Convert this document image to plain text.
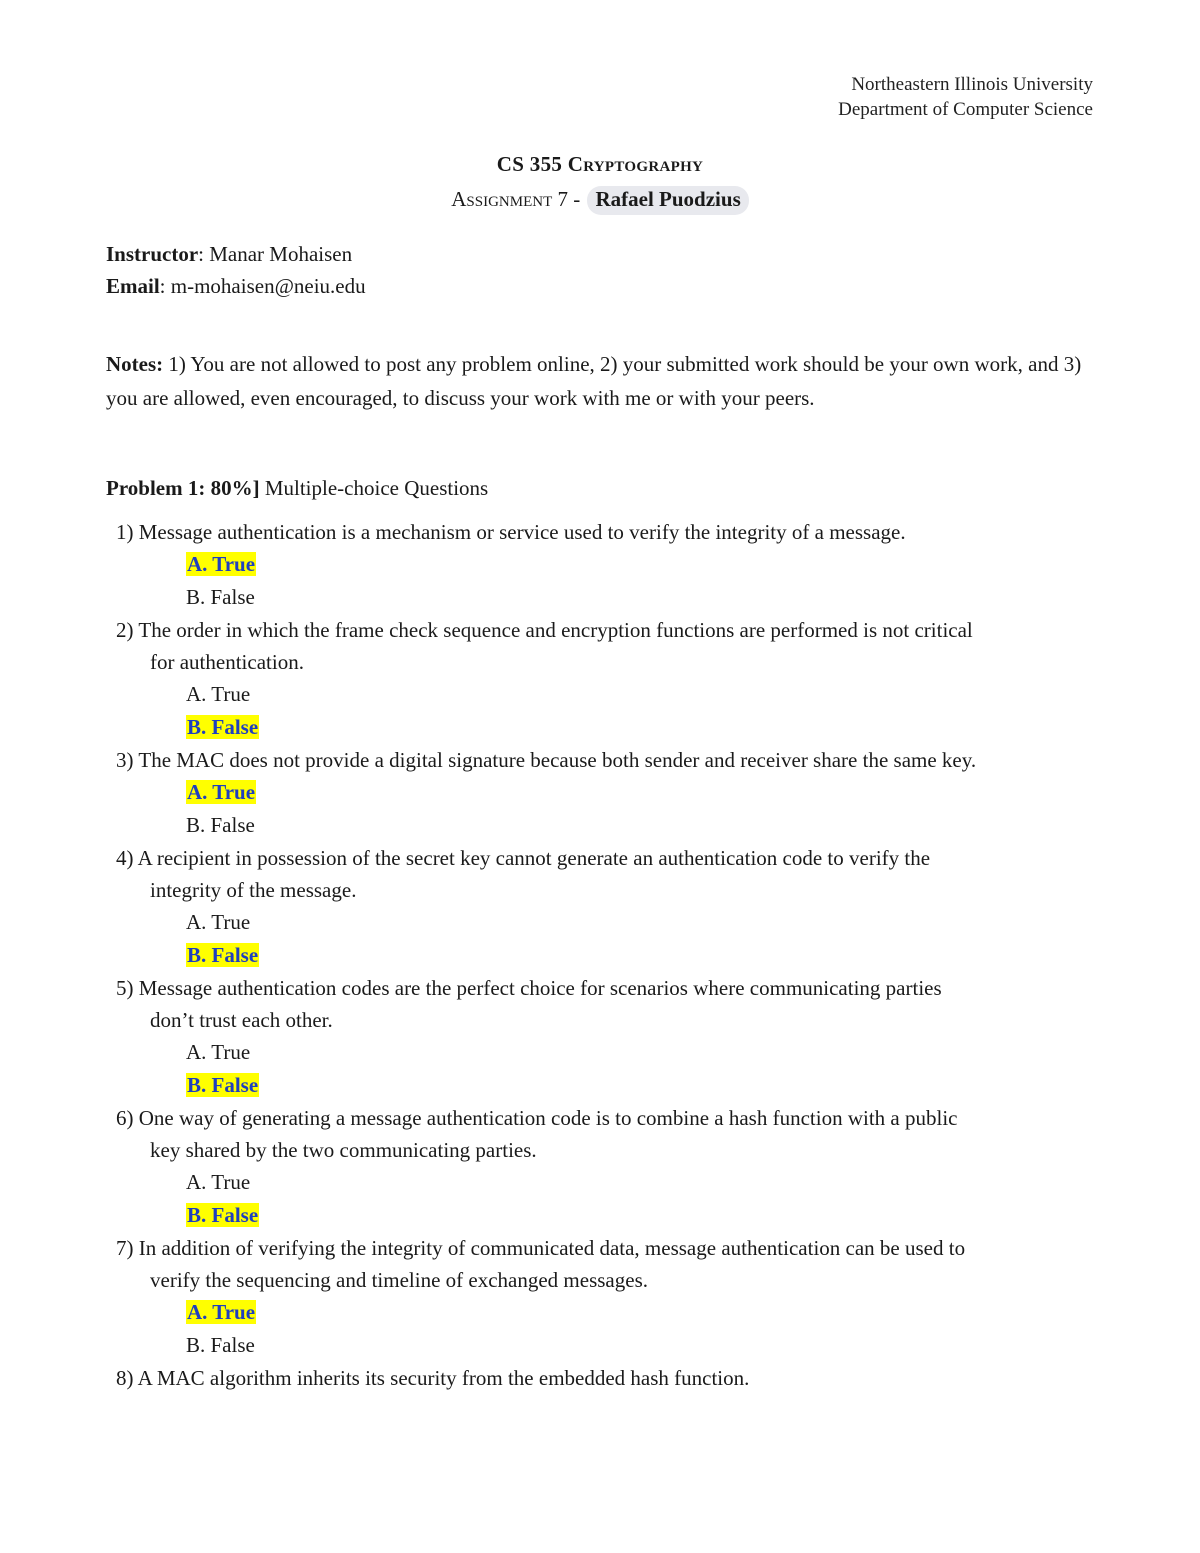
Northeastern Illinois University
Department of Computer Science
CS 355 Cryptography
Assignment 7 - Rafael Puodzius
Instructor: Manar Mohaisen
Email: m-mohaisen@neiu.edu
Notes: 1) You are not allowed to post any problem online, 2) your submitted work should be your own work, and 3) you are allowed, even encouraged, to discuss your work with me or with your peers.
Problem 1: 80%] Multiple-choice Questions
1) Message authentication is a mechanism or service used to verify the integrity of a message.
A. True
B. False
2) The order in which the frame check sequence and encryption functions are performed is not critical
for authentication.
A. True
B. False
3) The MAC does not provide a digital signature because both sender and receiver share the same key.
A. True
B. False
4) A recipient in possession of the secret key cannot generate an authentication code to verify the
integrity of the message.
A. True
B. False
5) Message authentication codes are the perfect choice for scenarios where communicating parties
don’t trust each other.
A. True
B. False
6) One way of generating a message authentication code is to combine a hash function with a public
key shared by the two communicating parties.
A. True
B. False
7) In addition of verifying the integrity of communicated data, message authentication can be used to
verify the sequencing and timeline of exchanged messages.
A. True
B. False
8) A MAC algorithm inherits its security from the embedded hash function.
